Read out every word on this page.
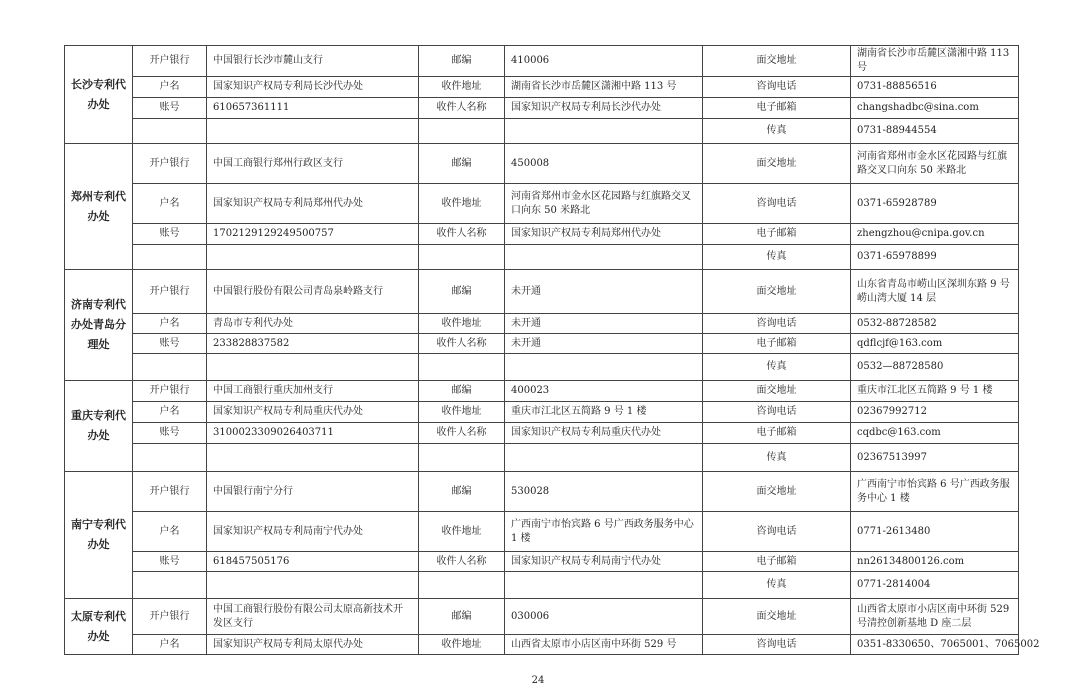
长沙专利代办处	开户银行	中国银行长沙市麓山支行	邮编	410006	面交地址	湖南省长沙市岳麓区潇湘中路 113 号
	户名	国家知识产权局专利局长沙代办处	收件地址	湖南省长沙市岳麓区潇湘中路 113 号	咨询电话	0731-88856516
	账号	610657361111	收件人名称	国家知识产权局专利局长沙代办处	电子邮箱	changshadbc@sina.com
					传真	0731-88944554
郑州专利代办处	开户银行	中国工商银行郑州行政区支行	邮编	450008	面交地址	河南省郑州市金水区花园路与红旗路交叉口向东 50 米路北
	户名	国家知识产权局专利局郑州代办处	收件地址	河南省郑州市金水区花园路与红旗路交叉口向东 50 米路北	咨询电话	0371-65928789
	账号	1702129129249500757	收件人名称	国家知识产权局专利局郑州代办处	电子邮箱	zhengzhou@cnipa.gov.cn
					传真	0371-65978899
济南专利代办处青岛分理处	开户银行	中国银行股份有限公司青岛泉岭路支行	邮编	未开通	面交地址	山东省青岛市崂山区深圳东路 9 号崂山湾大厦 14 层
	户名	青岛市专利代办处	收件地址	未开通	咨询电话	0532-88728582
	账号	233828837582	收件人名称	未开通	电子邮箱	qdflcjf@163.com
					传真	0532—88728580
重庆专利代办处	开户银行	中国工商银行重庆加州支行	邮编	400023	面交地址	重庆市江北区五简路 9 号 1 楼
	户名	国家知识产权局专利局重庆代办处	收件地址	重庆市江北区五简路 9 号 1 楼	咨询电话	02367992712
	账号	3100023309026403711	收件人名称	国家知识产权局专利局重庆代办处	电子邮箱	cqdbc@163.com
					传真	02367513997
南宁专利代办处	开户银行	中国银行南宁分行	邮编	530028	面交地址	广西南宁市怡宾路 6 号广西政务服务中心 1 楼
	户名	国家知识产权局专利局南宁代办处	收件地址	广西南宁市怡宾路 6 号广西政务服务中心 1 楼	咨询电话	0771-2613480
	账号	618457505176	收件人名称	国家知识产权局专利局南宁代办处	电子邮箱	nn26134800126.com
					传真	0771-2814004
太原专利代办处	开户银行	中国工商银行股份有限公司太原高新技术开发区支行	邮编	030006	面交地址	山西省太原市小店区南中环街 529 号清控创新基地 D 座二层
	户名	国家知识产权局专利局太原代办处	收件地址	山西省太原市小店区南中环街 529 号	咨询电话	0351-8330650、7065001、7065002
24
